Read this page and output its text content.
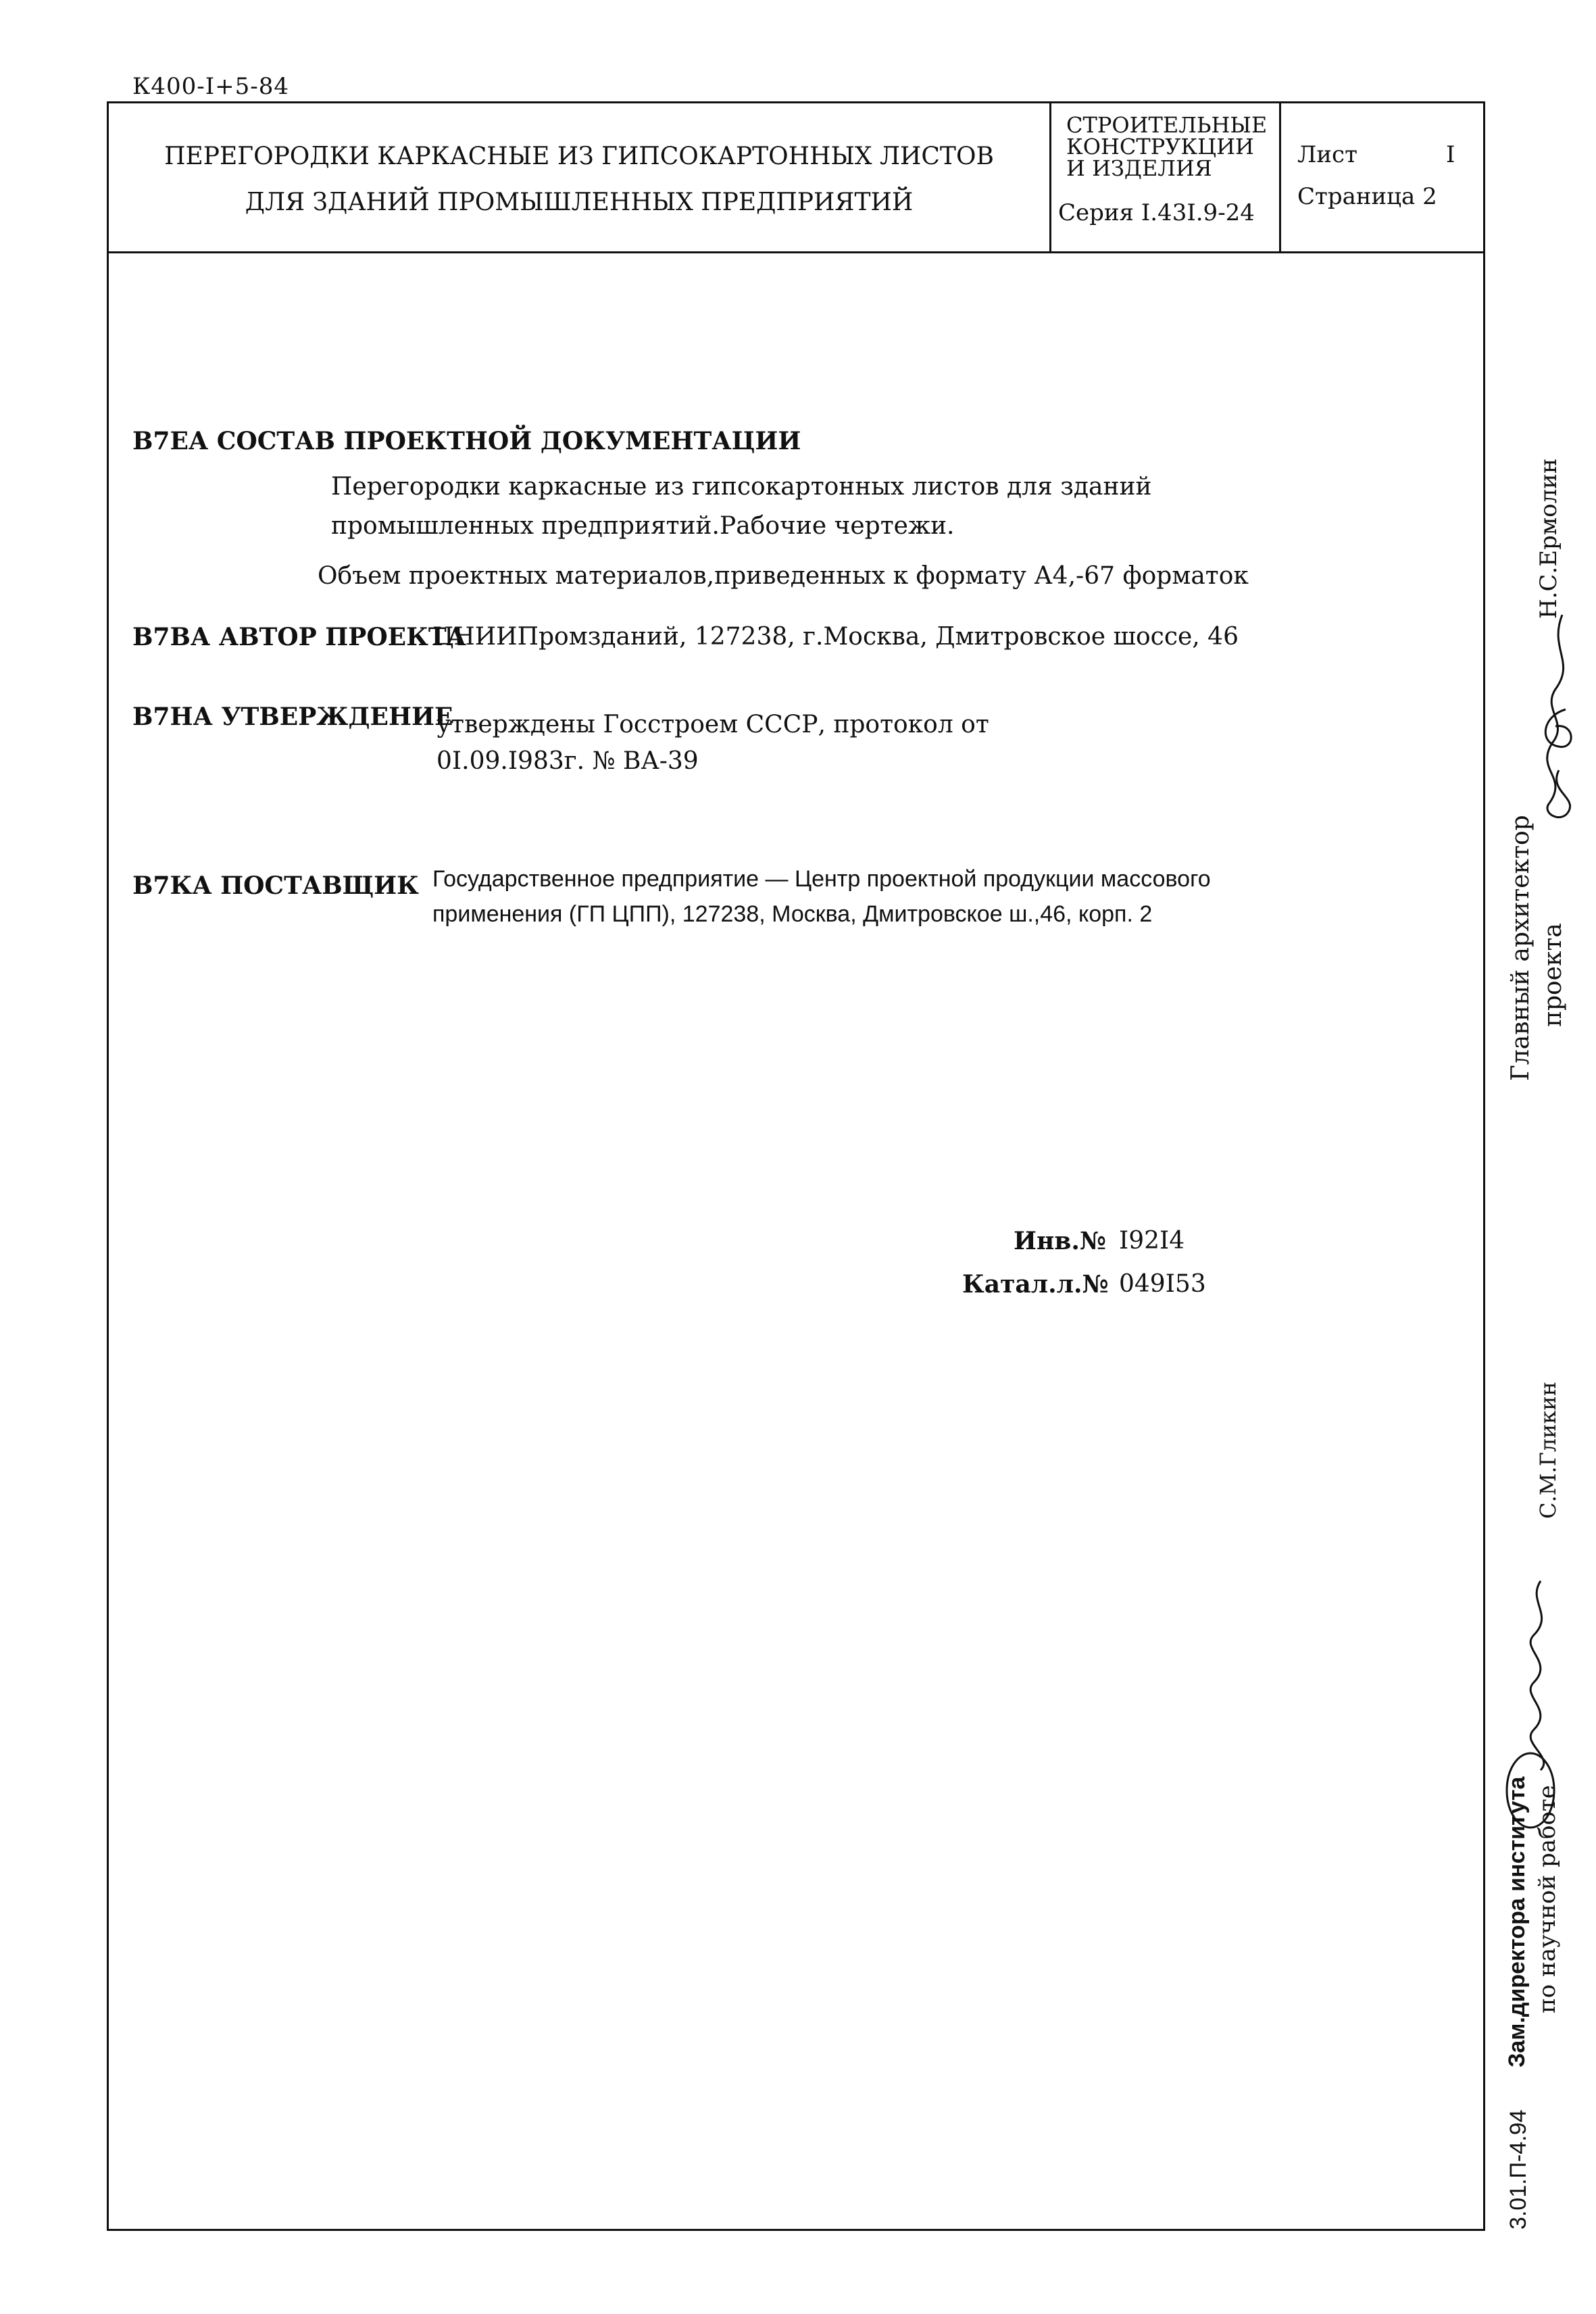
К400-I+5-84
ПЕРЕГОРОДКИ КАРКАСНЫЕ ИЗ ГИПСОКАРТОННЫХ ЛИСТОВ
ДЛЯ ЗДАНИЙ ПРОМЫШЛЕННЫХ ПРЕДПРИЯТИЙ
СТРОИТЕЛЬНЫЕ
КОНСТРУКЦИИ
И ИЗДЕЛИЯ
Серия I.43I.9-24
Лист	I
Страница 2
В7ЕА СОСТАВ ПРОЕКТНОЙ ДОКУМЕНТАЦИИ
Перегородки каркасные из гипсокартонных листов для зданий
промышленных предприятий.Рабочие чертежи.
Объем проектных материалов,приведенных к формату А4,-67 форматок
В7ВА АВТОР ПРОЕКТА
ЦНИИПромзданий, 127238, г.Москва, Дмитровское шоссе, 46
В7НА УТВЕРЖДЕНИЕ
утверждены Госстроем СССР, протокол от
0I.09.I983г. № ВА-39
В7КА ПОСТАВЩИК Государственное предприятие — Центр проектной продукции массового
применения (ГП ЦПП), 127238, Москва, Дмитровское ш.,46, корп. 2
Инв.№ I92I4
Катал.л.№ 049I53
Главный архитектор проекта
Н.С.Ермолин
Зам.директора института по научной работе
С.М.Гликин
3.01.П-4.94
